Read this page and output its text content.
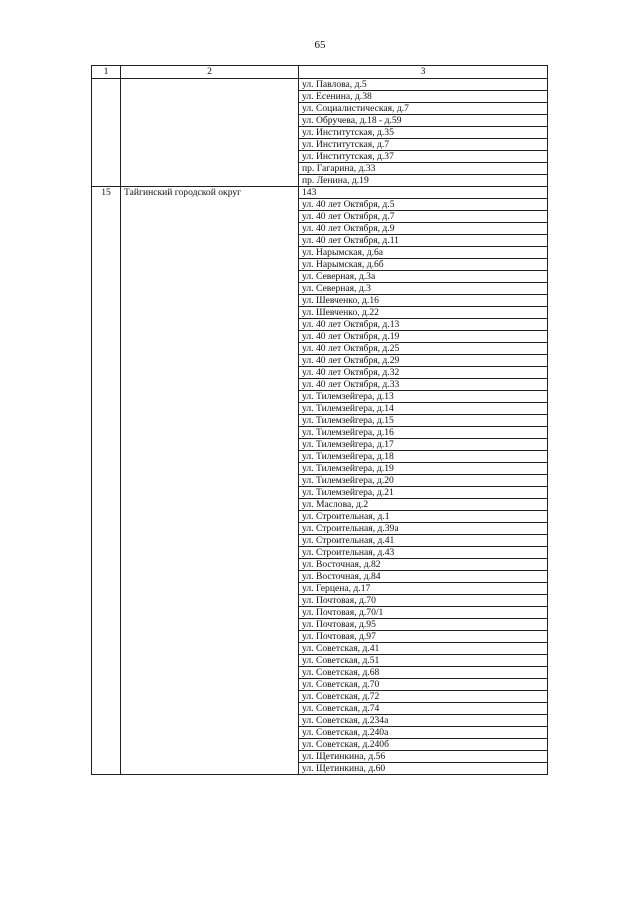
65
1	2	3
		ул. Павлова, д.5
		ул. Есенина, д.38
		ул. Социалистическая, д.7
		ул. Обручева, д.18 - д.59
		ул. Институтская, д.35
		ул. Институтская, д.7
		ул. Институтская, д.37
		пр. Гагарина, д.33
		пр. Ленина, д.19
15	Тайгинский городской округ	143
		ул. 40 лет Октября, д.5
		ул. 40 лет Октября, д.7
		ул. 40 лет Октября, д.9
		ул. 40 лет Октября, д.11
		ул. Нарымская, д.6а
		ул. Нарымская, д.6б
		ул. Северная, д.3а
		ул. Северная, д.3
		ул. Шевченко, д.16
		ул. Шевченко, д.22
		ул. 40 лет Октября, д.13
		ул. 40 лет Октября, д.19
		ул. 40 лет Октября, д.25
		ул. 40 лет Октября, д.29
		ул. 40 лет Октября, д.32
		ул. 40 лет Октября, д.33
		ул. Тилемзейгера, д.13
		ул. Тилемзейгера, д.14
		ул. Тилемзейгера, д.15
		ул. Тилемзейгера, д.16
		ул. Тилемзейгера, д.17
		ул. Тилемзейгера, д.18
		ул. Тилемзейгера, д.19
		ул. Тилемзейгера, д.20
		ул. Тилемзейгера, д.21
		ул. Маслова, д.2
		ул. Строительная, д.1
		ул. Строительная, д.39а
		ул. Строительная, д.41
		ул. Строительная, д.43
		ул. Восточная, д.82
		ул. Восточная, д.84
		ул. Герцена, д.17
		ул. Почтовая, д.70
		ул. Почтовая, д.70/1
		ул. Почтовая, д.95
		ул. Почтовая, д.97
		ул. Советская, д.41
		ул. Советская, д.51
		ул. Советская, д.68
		ул. Советская, д.70
		ул. Советская, д.72
		ул. Советская, д.74
		ул. Советская, д.234а
		ул. Советская, д.240а
		ул. Советская, д.240б
		ул. Щетинкина, д.56
		ул. Щетинкина, д.60
